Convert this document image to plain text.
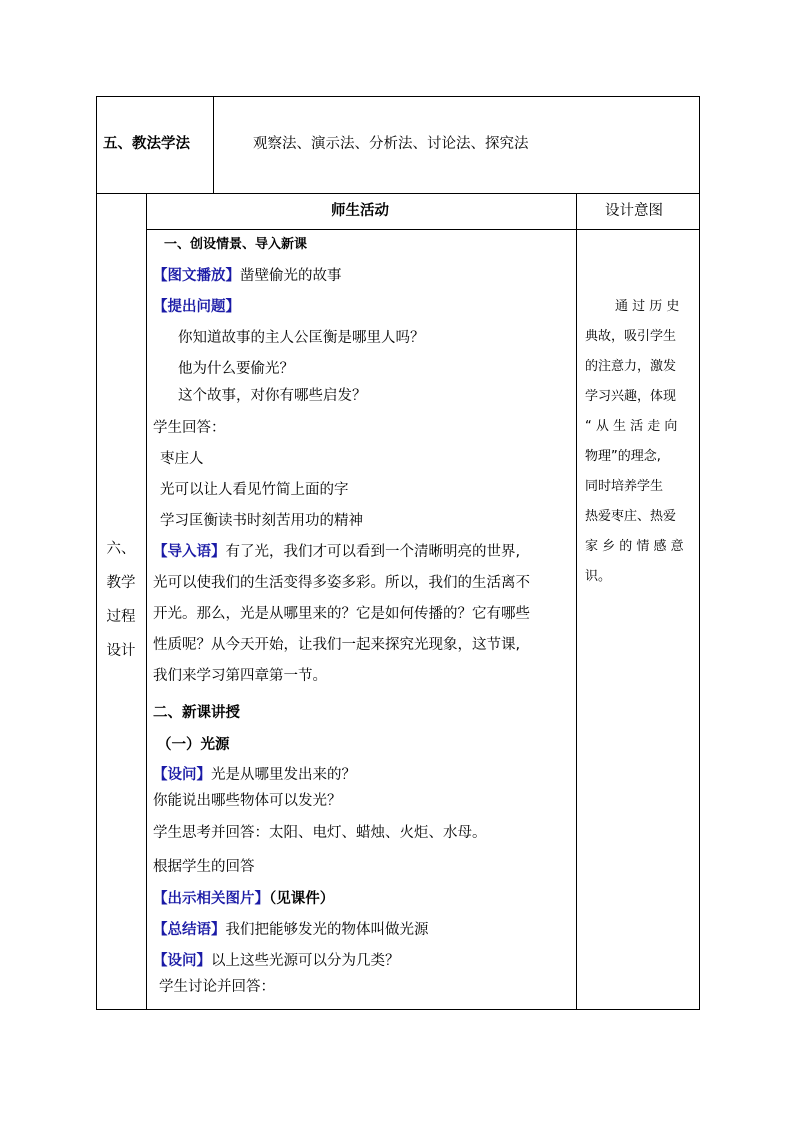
五、教法学法	观察法、演示法、分析法、讨论法、探究法
六、
教学
过程
设计
师生活动	设计意图
一、创设情景、导入新课
【图文播放】凿壁偷光的故事
【提出问题】
你知道故事的主人公匡衡是哪里人吗？
他为什么要偷光？
这个故事，对你有哪些启发？
学生回答：
枣庄人
光可以让人看见竹简上面的字
学习匡衡读书时刻苦用功的精神
【导入语】有了光，我们才可以看到一个清晰明亮的世界,
光可以使我们的生活变得多姿多彩。所以，我们的生活离不
开光。那么，光是从哪里来的？它是如何传播的？它有哪些
性质呢？从今天开始，让我们一起来探究光现象，这节课,
我们来学习第四章第一节。
二、新课讲授
（一）光源
【设问】光是从哪里发出来的？
你能说出哪些物体可以发光？
学生思考并回答：太阳、电灯、蜡烛、火炬、水母。
根据学生的回答
【出示相关图片】（见课件）
【总结语】我们把能够发光的物体叫做光源
【设问】以上这些光源可以分为几类？
学生讨论并回答：
通 过 历 史
典故，吸引学生
的注意力，激发
学习兴趣，体现
“ 从 生 活 走 向
物理”的理念,
同时培养学生
热爱枣庄、热爱
家 乡 的 情 感 意
识。
